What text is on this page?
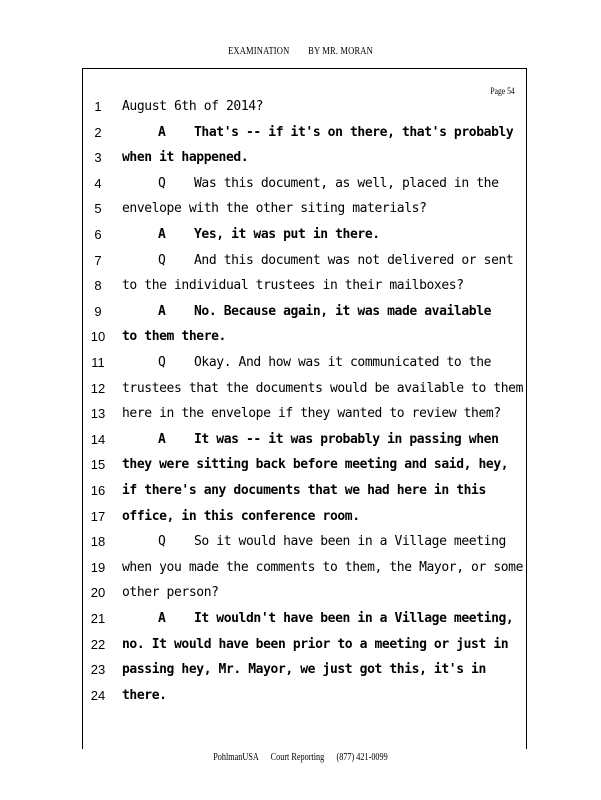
EXAMINATION BY MR. MORAN
Page 54
1	August 6th of 2014?
2	A That's -- if it's on there, that's probably
3	when it happened.
4	Q Was this document, as well, placed in the
5	envelope with the other siting materials?
6	A Yes, it was put in there.
7	Q And this document was not delivered or sent
8	to the individual trustees in their mailboxes?
9	A No. Because again, it was made available
10 to them there.
11	Q Okay. And how was it communicated to the
12 trustees that the documents would be available to them
13 here in the envelope if they wanted to review them?
14	A It was -- it was probably in passing when
15 they were sitting back before meeting and said, hey,
16 if there's any documents that we had here in this
17 office, in this conference room.
18	Q So it would have been in a Village meeting
19 when you made the comments to them, the Mayor, or some
20 other person?
21	A It wouldn't have been in a Village meeting,
22 no. It would have been prior to a meeting or just in
23 passing hey, Mr. Mayor, we just got this, it's in
24 there.
PohlmanUSA Court Reporting (877) 421-0099
